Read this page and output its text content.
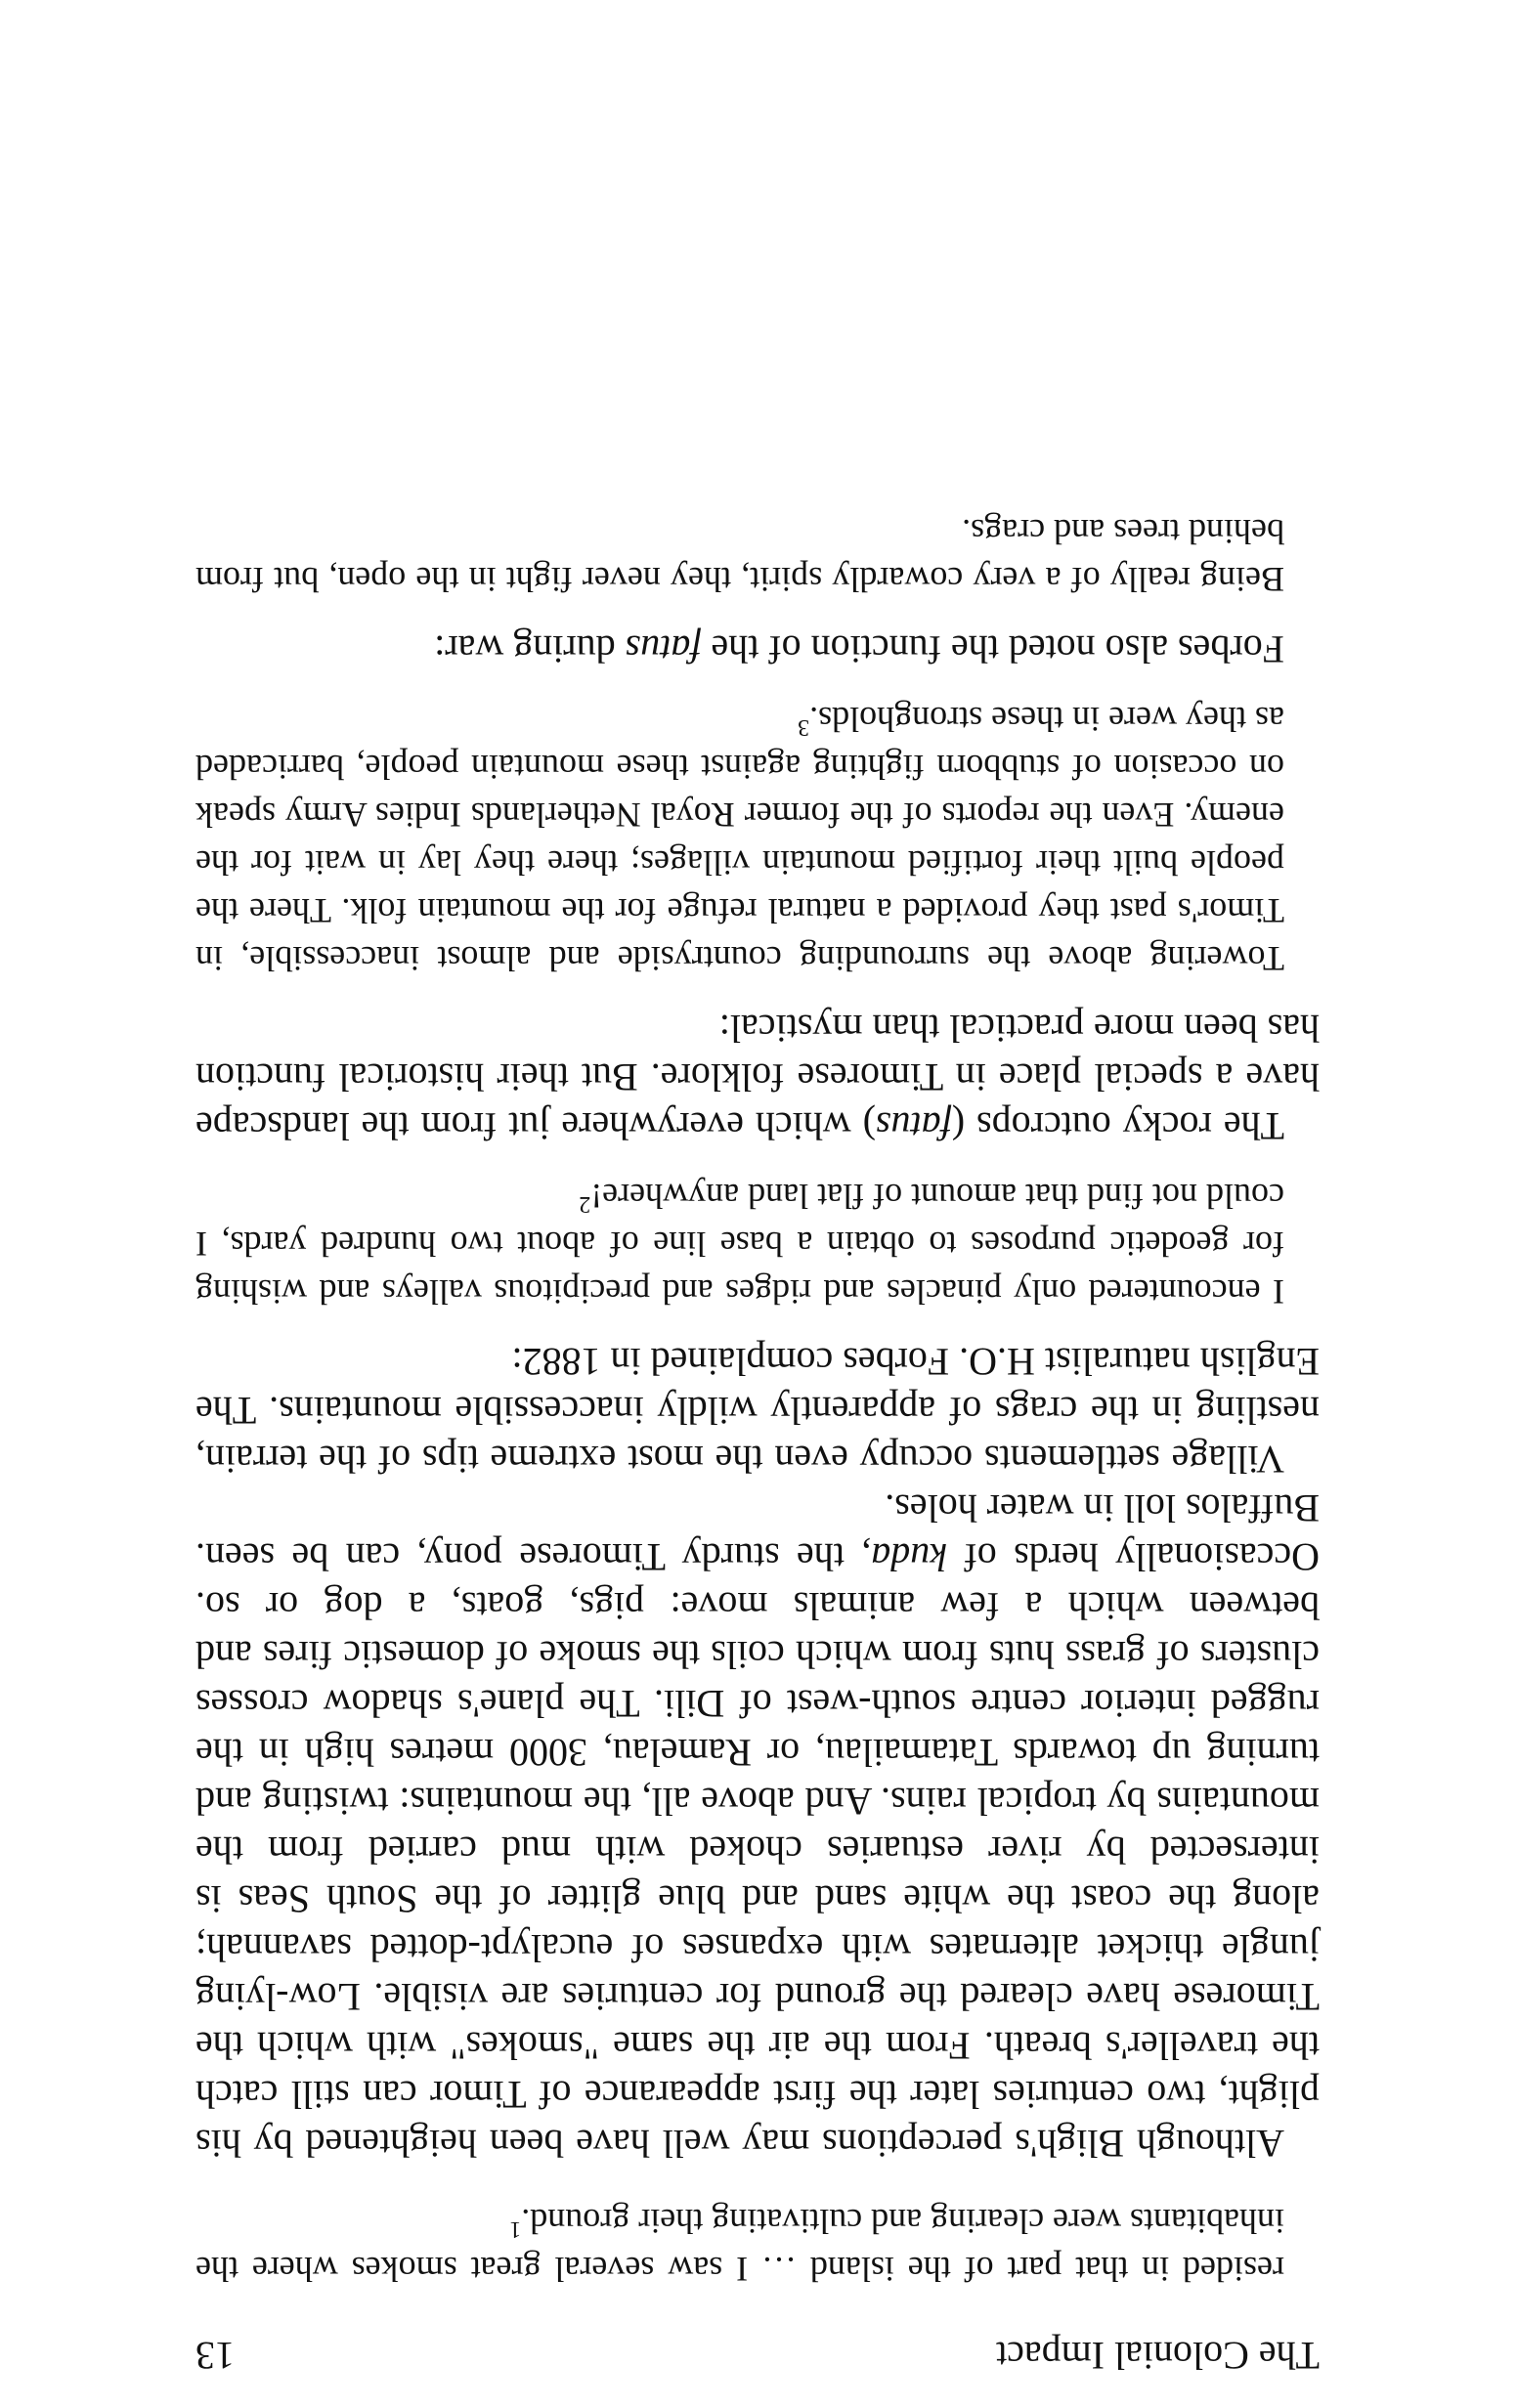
The Colonial Impact
13

resided in that part of the island … I saw several great smokes where the inhabitants were clearing and cultivating their ground.$^1$

Although Bligh's perceptions may well have been heightened by his plight, two centuries later the first appearance of Timor can still catch the traveller's breath. From the air the same "smokes" with which the Timorese have cleared the ground for centuries are visible. Low-lying jungle thicket alternates with expanses of eucalypt-dotted savannah; along the coast the white sand and blue glitter of the South Seas is intersected by river estuaries choked with mud carried from the mountains by tropical rains. And above all, the mountains: twisting and turning up towards Tatamailau, or Ramelau, 3000 metres high in the rugged interior centre south-west of Dili. The plane's shadow crosses clusters of grass huts from which coils the smoke of domestic fires and between which a few animals move: pigs, goats, a dog or so. Occasionally herds of kuda, the sturdy Timorese pony, can be seen. Buffalos loll in water holes.

Village settlements occupy even the most extreme tips of the terrain, nestling in the crags of apparently wildly inaccessible mountains. The English naturalist H.O. Forbes complained in 1882:

I encountered only pinacles and ridges and precipitous valleys and wishing for geodetic purposes to obtain a base line of about two hundred yards, I could not find that amount of flat land anywhere!$^2$

The rocky outcrops (fatus) which everywhere jut from the landscape have a special place in Timorese folklore. But their historical function has been more practical than mystical:

Towering above the surrounding countryside and almost inaccessible, in Timor's past they provided a natural refuge for the mountain folk. There the people built their fortified mountain villages; there they lay in wait for the enemy. Even the reports of the former Royal Netherlands Indies Army speak on occasion of stubborn fighting against these mountain people, barricaded as they were in these strongholds.$^3$

Forbes also noted the function of the fatus during war:

Being really of a very cowardly spirit, they never fight in the open, but from behind trees and crags.
